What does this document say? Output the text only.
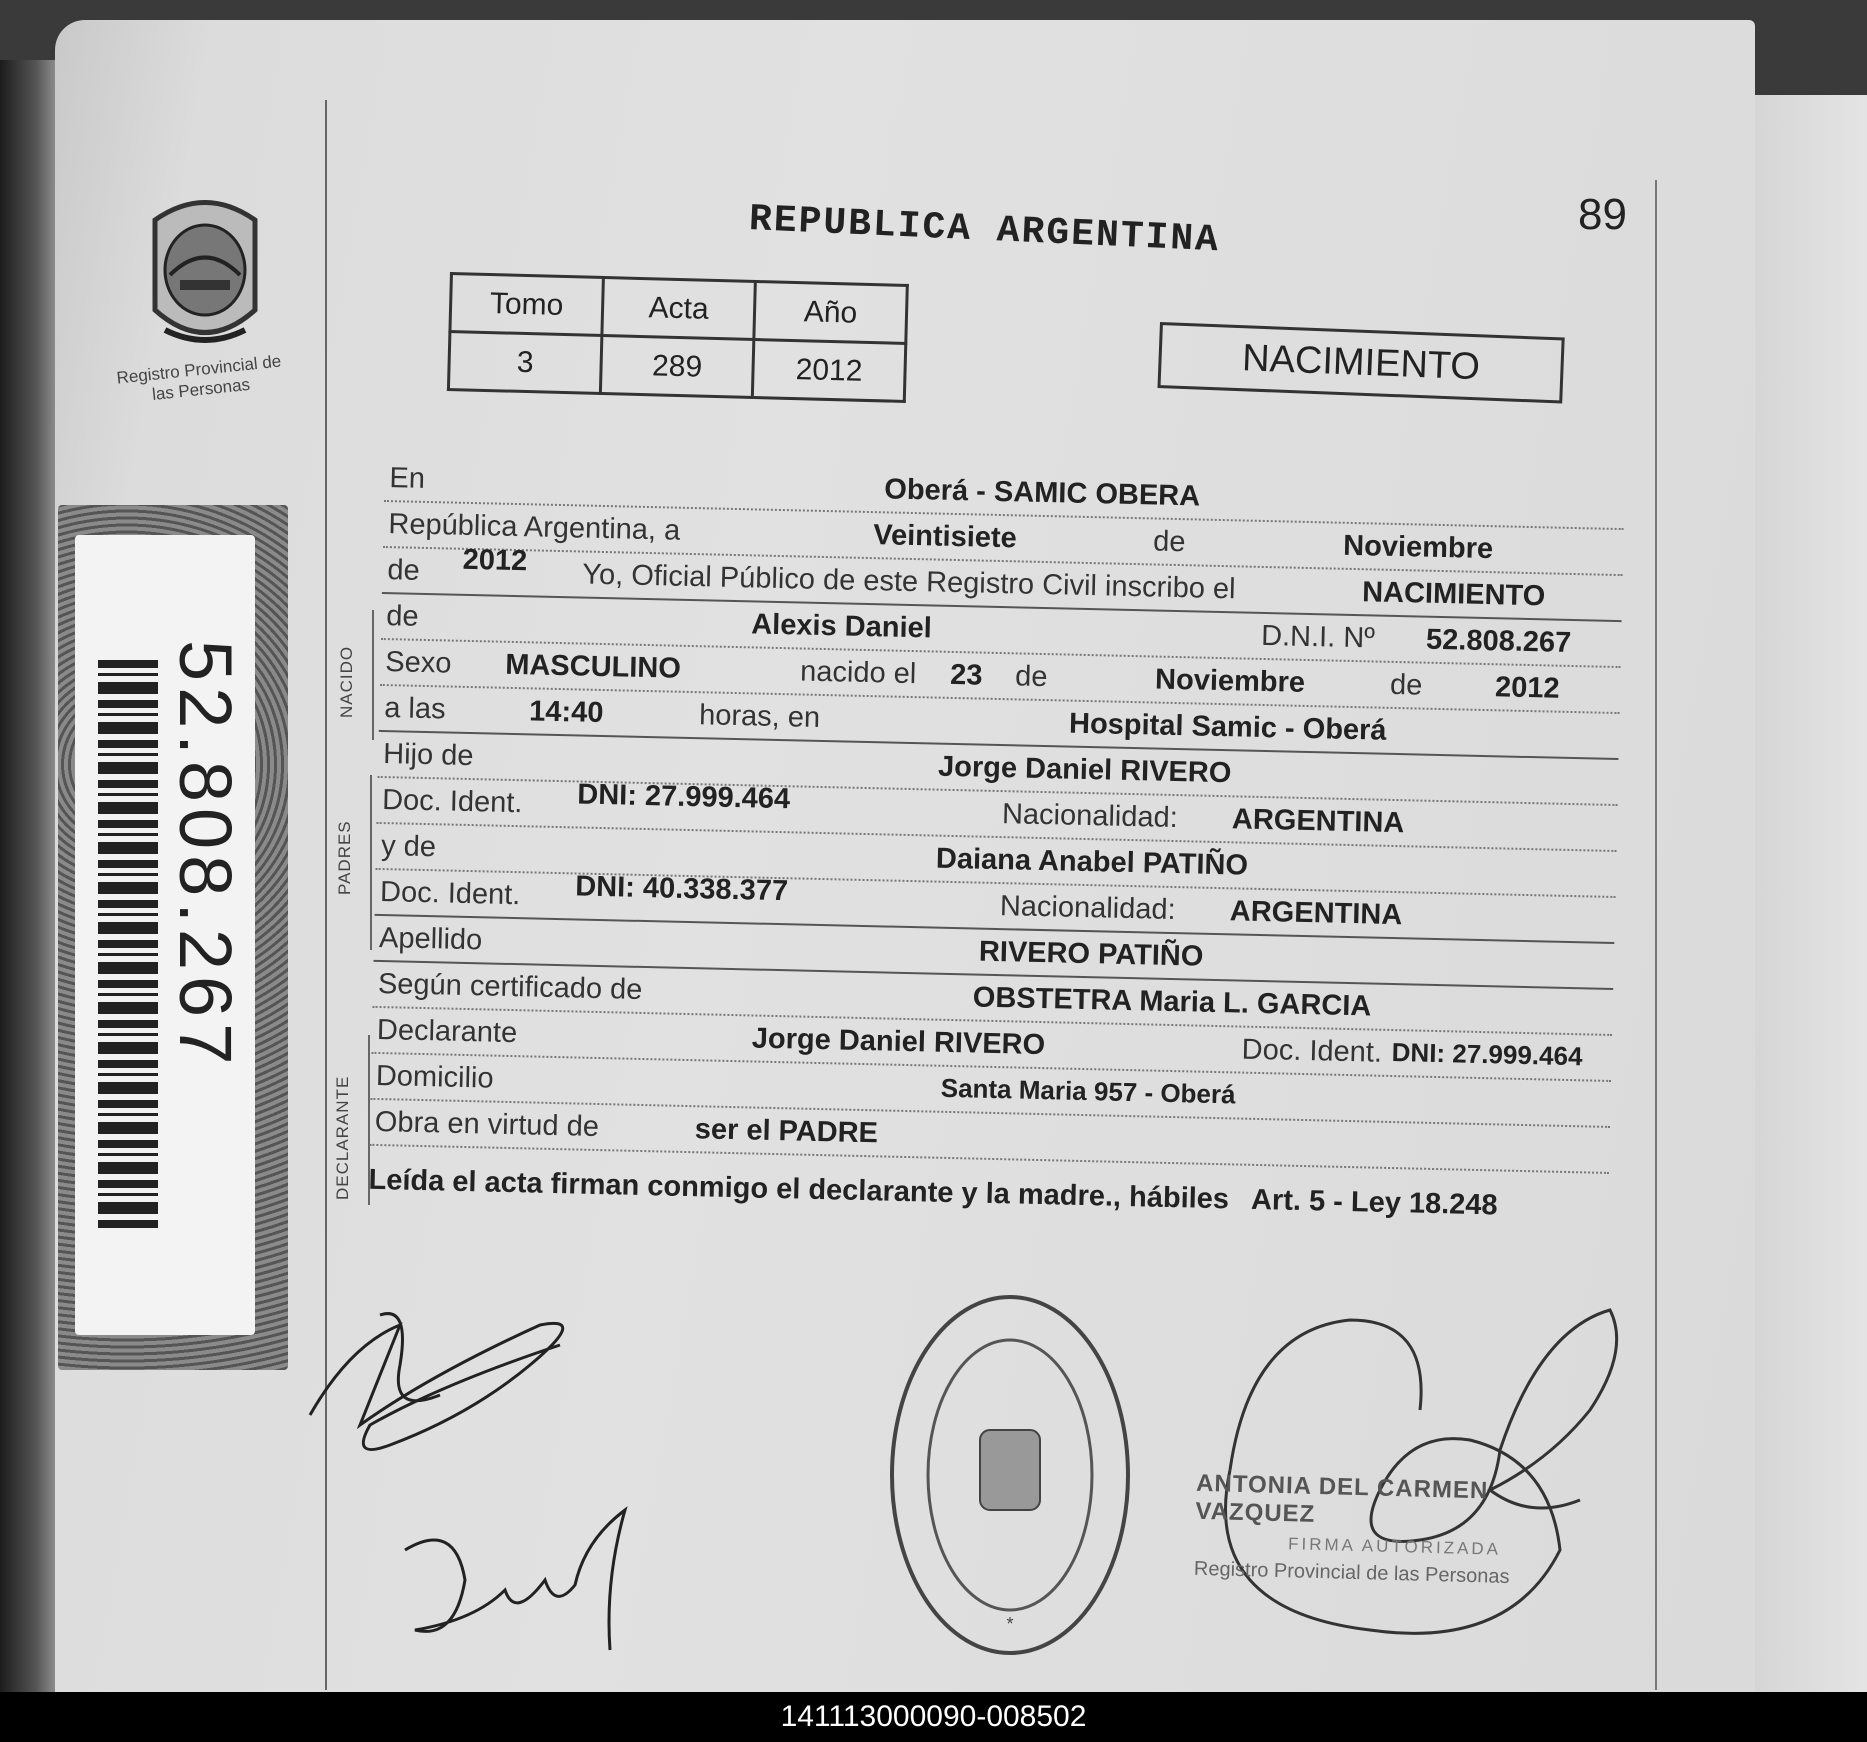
Registro Provincial de las Personas
52.808.267
REPUBLICA ARGENTINA	89
Tomo	Acta	Año
3	289	2012	NACIMIENTO
NACIDO
PADRES
DECLARANTE
En	Oberá - SAMIC OBERA
República Argentina, a	Veintisiete	de	Noviembre
de 2012 Yo, Oficial Público de este Registro Civil inscribo el	NACIMIENTO
de	Alexis Daniel	D.N.I. Nº 52.808.267
Sexo MASCULINO	nacido el 23 de	Noviembre	de 2012
a las	14:40	horas, en	Hospital Samic - Oberá
Hijo de	Jorge Daniel RIVERO
Doc. Ident. DNI: 27.999.464
Nacionalidad: ARGENTINA
y de	Daiana Anabel PATIÑO
Doc. Ident. DNI: 40.338.377
Nacionalidad: ARGENTINA
Apellido	RIVERO PATIÑO
Según certificado de	OBSTETRA Maria L. GARCIA
Declarante	Jorge Daniel RIVERO	Doc. Ident. DNI: 27.999.464
Domicilio	Santa Maria 957 - Oberá
Obra en virtud de	ser el PADRE
Leída el acta firman conmigo el declarante y la madre., hábiles Art. 5 - Ley 18.248
*
ANTONIA DEL CARMEN VAZQUEZ
FIRMA AUTORIZADA
Registro Provincial de las Personas
141113000090-008502
